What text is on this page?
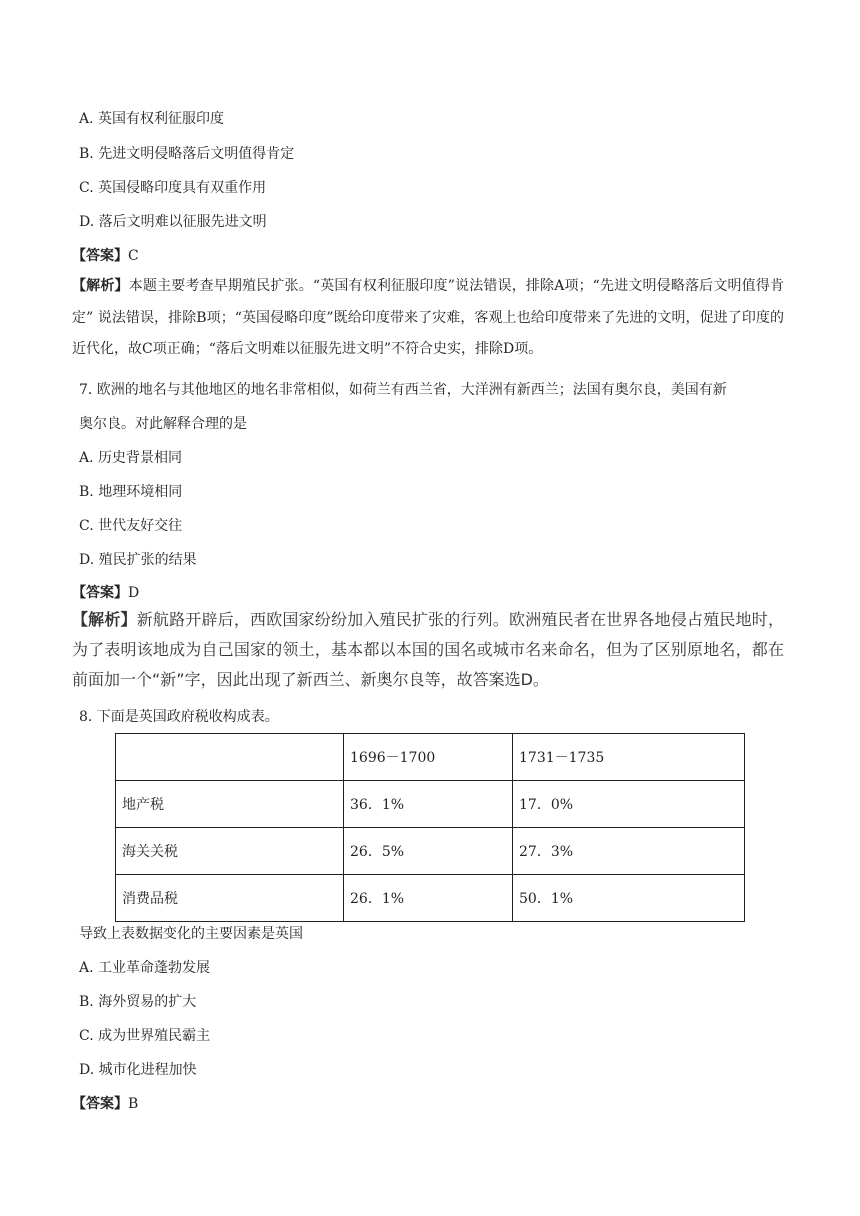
A. 英国有权利征服印度
B. 先进文明侵略落后文明值得肯定
C. 英国侵略印度具有双重作用
D. 落后文明难以征服先进文明
【答案】C
【解析】本题主要考查早期殖民扩张。“英国有权利征服印度”说法错误，排除A项；“先进文明侵略落后文明值得肯定” 说法错误，排除B项；“英国侵略印度”既给印度带来了灾难，客观上也给印度带来了先进的文明，促进了印度的近代化，故C项正确；“落后文明难以征服先进文明”不符合史实，排除D项。
7. 欧洲的地名与其他地区的地名非常相似，如荷兰有西兰省，大洋洲有新西兰；法国有奥尔良，美国有新
奥尔良。对此解释合理的是
A. 历史背景相同
B. 地理环境相同
C. 世代友好交往
D. 殖民扩张的结果
【答案】D
【解析】新航路开辟后，西欧国家纷纷加入殖民扩张的行列。欧洲殖民者在世界各地侵占殖民地时，为了表明该地成为自己国家的领土，基本都以本国的国名或城市名来命名，但为了区别原地名，都在前面加一个“新”字，因此出现了新西兰、新奥尔良等，故答案选D。
8. 下面是英国政府税收构成表。
	1696－1700	1731－1735
地产税	36．1%	17．0%
海关关税	26．5%	27．3%
消费品税	26．1%	50．1%
导致上表数据变化的主要因素是英国
A. 工业革命蓬勃发展
B. 海外贸易的扩大
C. 成为世界殖民霸主
D. 城市化进程加快
【答案】B
